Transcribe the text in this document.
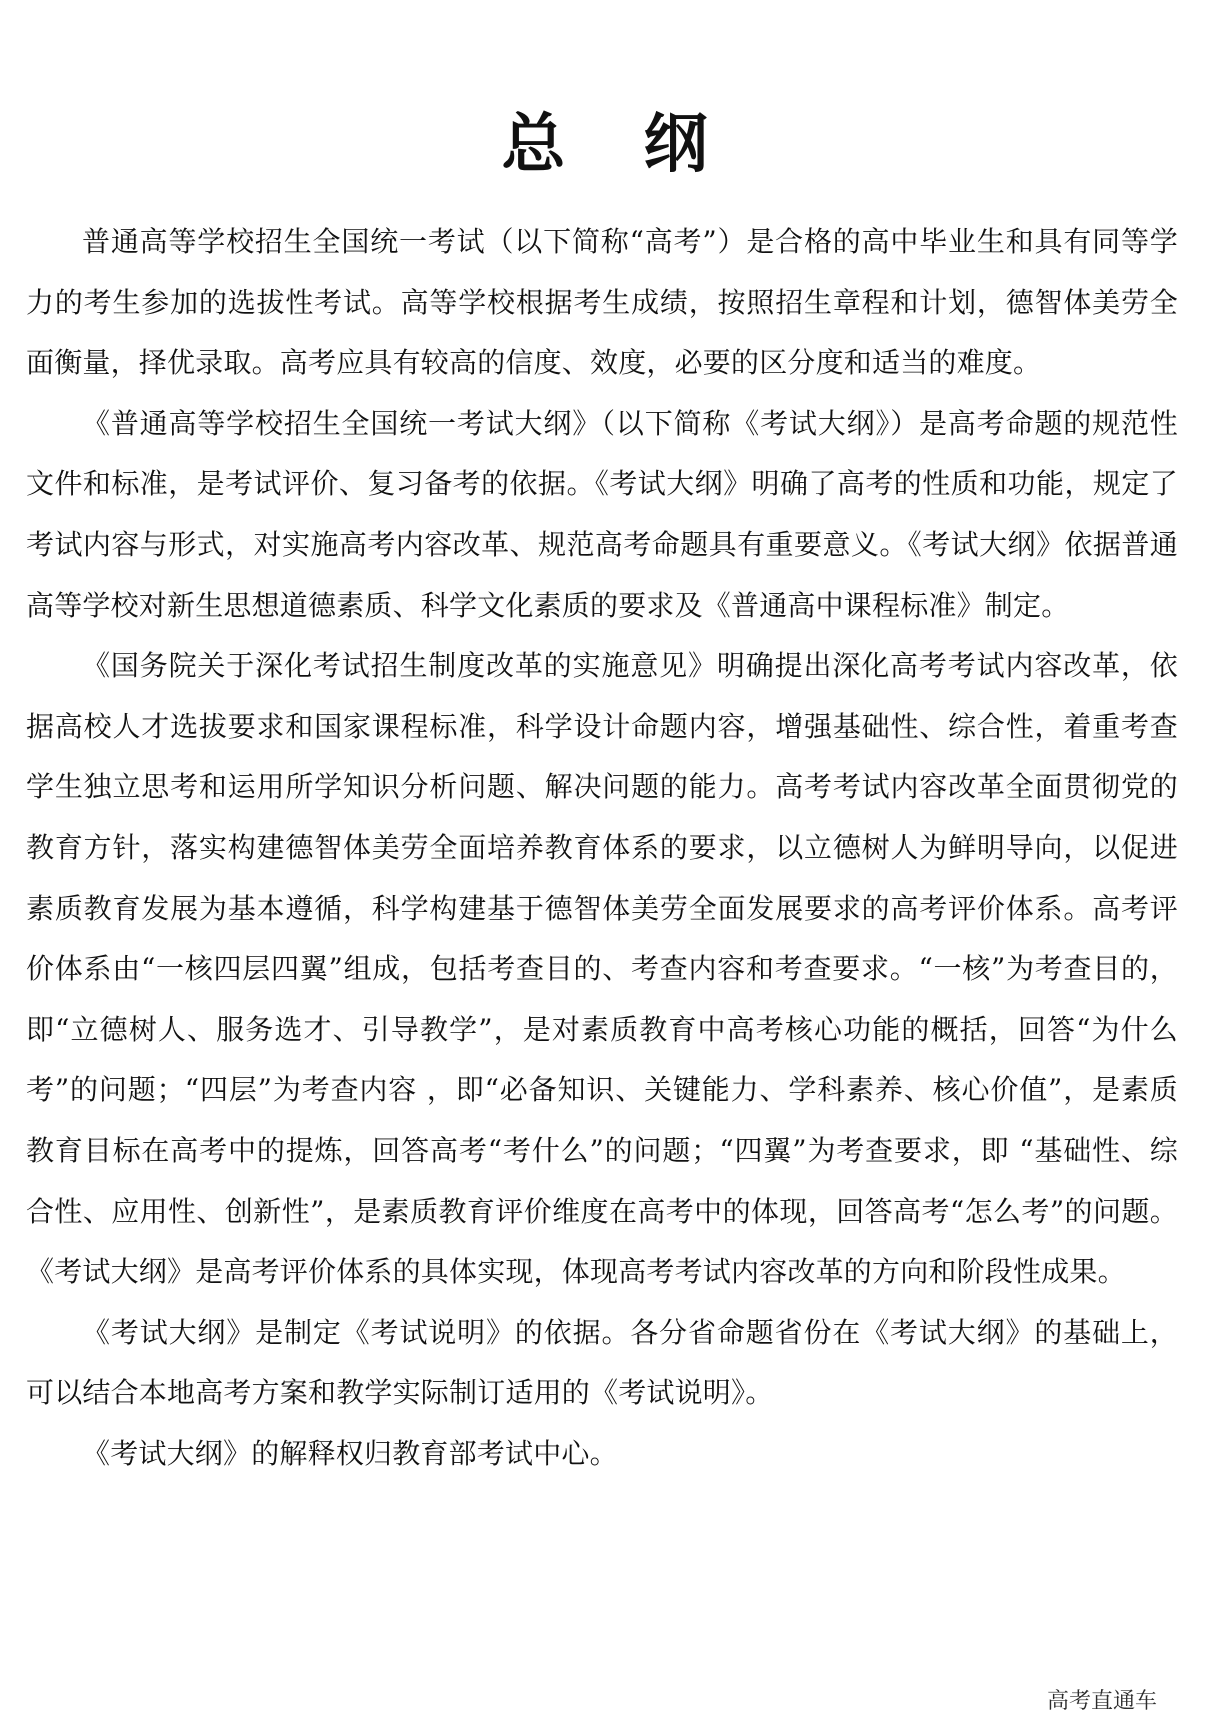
总 纲

普通高等学校招生全国统一考试（以下简称“高考”）是合格的高中毕业生和具有同等学力的考生参加的选拔性考试。高等学校根据考生成绩，按照招生章程和计划，德智体美劳全面衡量，择优录取。高考应具有较高的信度、效度，必要的区分度和适当的难度。

《普通高等学校招生全国统一考试大纲》（以下简称《考试大纲》）是高考命题的规范性文件和标准，是考试评价、复习备考的依据。《考试大纲》明确了高考的性质和功能，规定了考试内容与形式，对实施高考内容改革、规范高考命题具有重要意义。《考试大纲》依据普通高等学校对新生思想道德素质、科学文化素质的要求及《普通高中课程标准》制定。

《国务院关于深化考试招生制度改革的实施意见》明确提出深化高考考试内容改革，依据高校人才选拔要求和国家课程标准，科学设计命题内容，增强基础性、综合性，着重考查学生独立思考和运用所学知识分析问题、解决问题的能力。高考考试内容改革全面贯彻党的教育方针，落实构建德智体美劳全面培养教育体系的要求，以立德树人为鲜明导向，以促进素质教育发展为基本遵循，科学构建基于德智体美劳全面发展要求的高考评价体系。高考评价体系由“一核四层四翼”组成，包括考查目的、考查内容和考查要求。“一核”为考查目的，即“立德树人、服务选才、引导教学”，是对素质教育中高考核心功能的概括，回答“为什么考”的问题；“四层”为考查内容 ，即“必备知识、关键能力、学科素养、核心价值”，是素质教育目标在高考中的提炼，回答高考“考什么”的问题；“四翼”为考查要求，即 “基础性、综合性、应用性、创新性”，是素质教育评价维度在高考中的体现，回答高考“怎么考”的问题。《考试大纲》是高考评价体系的具体实现，体现高考考试内容改革的方向和阶段性成果。

《考试大纲》是制定《考试说明》的依据。各分省命题省份在《考试大纲》的基础上，可以结合本地高考方案和教学实际制订适用的《考试说明》。

《考试大纲》的解释权归教育部考试中心。

高考直通车
